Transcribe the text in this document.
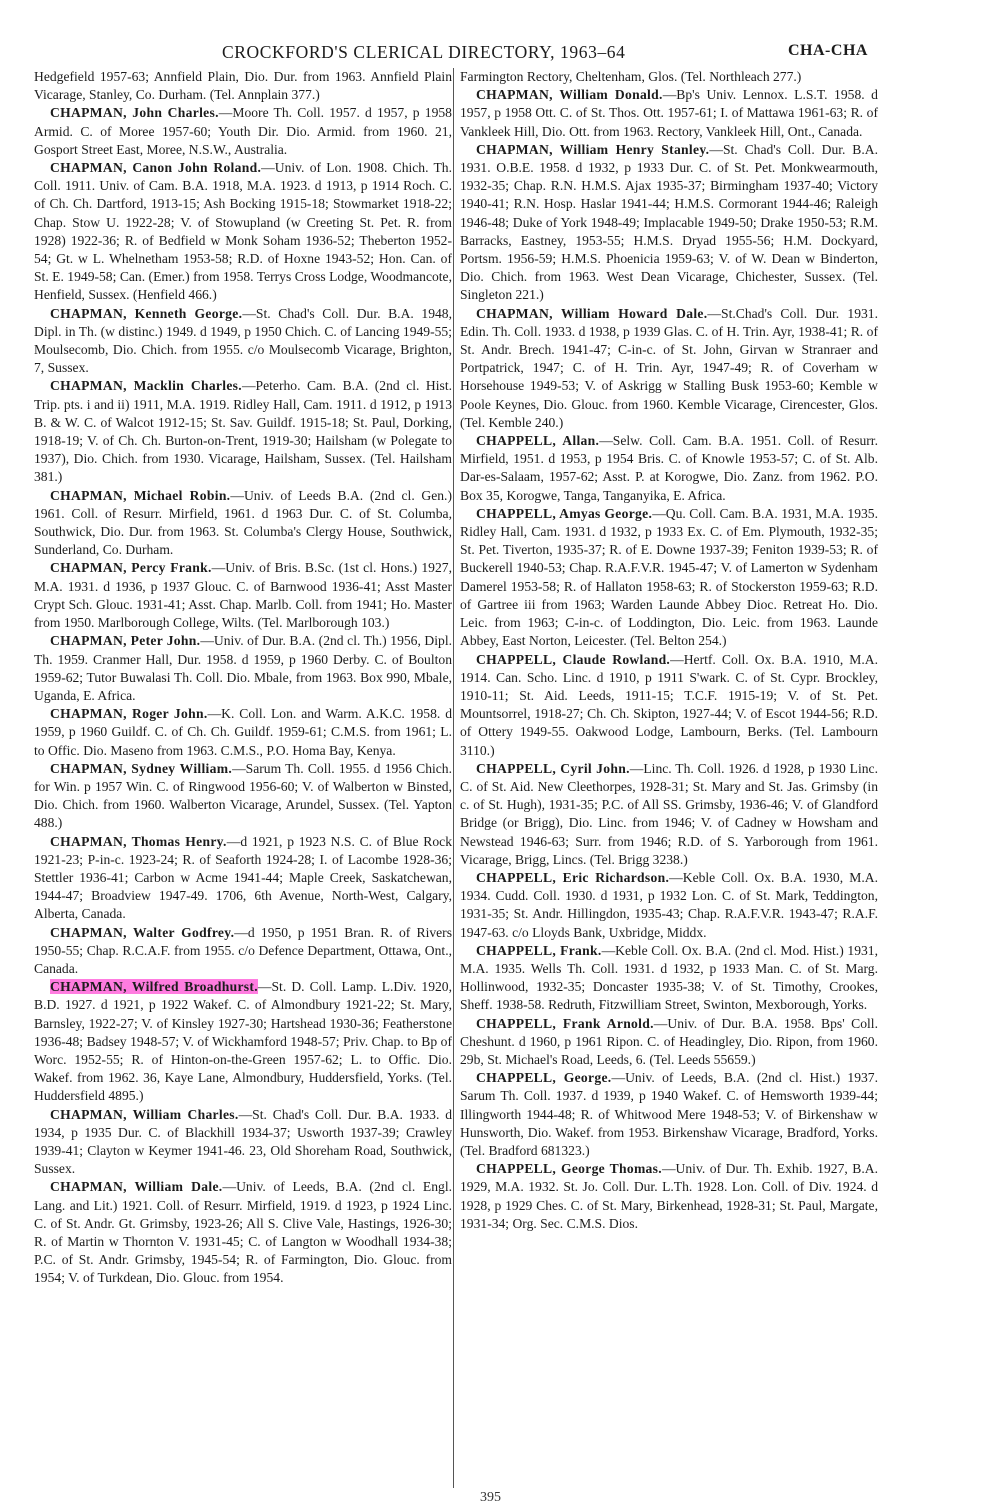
CROCKFORD'S CLERICAL DIRECTORY, 1963–64	CHA-CHA

Hedgefield 1957-63; Annfield Plain, Dio. Dur. from 1963. Annfield Plain Vicarage, Stanley, Co. Durham. (Tel. Annplain 377.)

CHAPMAN, John Charles.—Moore Th. Coll. 1957. d 1957, p 1958 Armid. C. of Moree 1957-60; Youth Dir. Dio. Armid. from 1960. 21, Gosport Street East, Moree, N.S.W., Australia.

CHAPMAN, Canon John Roland.—Univ. of Lon. 1908. Chich. Th. Coll. 1911. Univ. of Cam. B.A. 1918, M.A. 1923. d 1913, p 1914 Roch. C. of Ch. Ch. Dartford, 1913-15; Ash Bocking 1915-18; Stowmarket 1918-22; Chap. Stow U. 1922-28; V. of Stowupland (w Creeting St. Pet. R. from 1928) 1922-36; R. of Bedfield w Monk Soham 1936-52; Theberton 1952-54; Gt. w L. Whelnetham 1953-58; R.D. of Hoxne 1943-52; Hon. Can. of St. E. 1949-58; Can. (Emer.) from 1958. Terrys Cross Lodge, Woodmancote, Henfield, Sussex. (Henfield 466.)

CHAPMAN, Kenneth George.—St. Chad's Coll. Dur. B.A. 1948, Dipl. in Th. (w distinc.) 1949. d 1949, p 1950 Chich. C. of Lancing 1949-55; Moulsecomb, Dio. Chich. from 1955. c/o Moulsecomb Vicarage, Brighton, 7, Sussex.

CHAPMAN, Macklin Charles.—Peterho. Cam. B.A. (2nd cl. Hist. Trip. pts. i and ii) 1911, M.A. 1919. Ridley Hall, Cam. 1911. d 1912, p 1913 B. & W. C. of Walcot 1912-15; St. Sav. Guildf. 1915-18; St. Paul, Dorking, 1918-19; V. of Ch. Ch. Burton-on-Trent, 1919-30; Hailsham (w Polegate to 1937), Dio. Chich. from 1930. Vicarage, Hailsham, Sussex. (Tel. Hailsham 381.)

CHAPMAN, Michael Robin.—Univ. of Leeds B.A. (2nd cl. Gen.) 1961. Coll. of Resurr. Mirfield, 1961. d 1963 Dur. C. of St. Columba, Southwick, Dio. Dur. from 1963. St. Columba's Clergy House, Southwick, Sunderland, Co. Durham.

CHAPMAN, Percy Frank.—Univ. of Bris. B.Sc. (1st cl. Hons.) 1927, M.A. 1931. d 1936, p 1937 Glouc. C. of Barnwood 1936-41; Asst Master Crypt Sch. Glouc. 1931-41; Asst. Chap. Marlb. Coll. from 1941; Ho. Master from 1950. Marlborough College, Wilts. (Tel. Marlborough 103.)

CHAPMAN, Peter John.—Univ. of Dur. B.A. (2nd cl. Th.) 1956, Dipl. Th. 1959. Cranmer Hall, Dur. 1958. d 1959, p 1960 Derby. C. of Boulton 1959-62; Tutor Buwalasi Th. Coll. Dio. Mbale, from 1963. Box 990, Mbale, Uganda, E. Africa.

CHAPMAN, Roger John.—K. Coll. Lon. and Warm. A.K.C. 1958. d 1959, p 1960 Guildf. C. of Ch. Ch. Guildf. 1959-61; C.M.S. from 1961; L. to Offic. Dio. Maseno from 1963. C.M.S., P.O. Homa Bay, Kenya.

CHAPMAN, Sydney William.—Sarum Th. Coll. 1955. d 1956 Chich. for Win. p 1957 Win. C. of Ringwood 1956-60; V. of Walberton w Binsted, Dio. Chich. from 1960. Walberton Vicarage, Arundel, Sussex. (Tel. Yapton 488.)

CHAPMAN, Thomas Henry.—d 1921, p 1923 N.S. C. of Blue Rock 1921-23; P-in-c. 1923-24; R. of Seaforth 1924-28; I. of Lacombe 1928-36; Stettler 1936-41; Carbon w Acme 1941-44; Maple Creek, Saskatchewan, 1944-47; Broadview 1947-49. 1706, 6th Avenue, North-West, Calgary, Alberta, Canada.

CHAPMAN, Walter Godfrey.—d 1950, p 1951 Bran. R. of Rivers 1950-55; Chap. R.C.A.F. from 1955. c/o Defence Department, Ottawa, Ont., Canada.

CHAPMAN, Wilfred Broadhurst.—St. D. Coll. Lamp. L.Div. 1920, B.D. 1927. d 1921, p 1922 Wakef. C. of Almondbury 1921-22; St. Mary, Barnsley, 1922-27; V. of Kinsley 1927-30; Hartshead 1930-36; Featherstone 1936-48; Badsey 1948-57; V. of Wickhamford 1948-57; Priv. Chap. to Bp of Worc. 1952-55; R. of Hinton-on-the-Green 1957-62; L. to Offic. Dio. Wakef. from 1962. 36, Kaye Lane, Almondbury, Huddersfield, Yorks. (Tel. Huddersfield 4895.)

CHAPMAN, William Charles.—St. Chad's Coll. Dur. B.A. 1933. d 1934, p 1935 Dur. C. of Blackhill 1934-37; Usworth 1937-39; Crawley 1939-41; Clayton w Keymer 1941-46. 23, Old Shoreham Road, Southwick, Sussex.

CHAPMAN, William Dale.—Univ. of Leeds, B.A. (2nd cl. Engl. Lang. and Lit.) 1921. Coll. of Resurr. Mirfield, 1919. d 1923, p 1924 Linc. C. of St. Andr. Gt. Grimsby, 1923-26; All S. Clive Vale, Hastings, 1926-30; R. of Martin w Thornton V. 1931-45; C. of Langton w Woodhall 1934-38; P.C. of St. Andr. Grimsby, 1945-54; R. of Farmington, Dio. Glouc. from 1954; V. of Turkdean, Dio. Glouc. from 1954.

Farmington Rectory, Cheltenham, Glos. (Tel. Northleach 277.)

CHAPMAN, William Donald.—Bp's Univ. Lennox. L.S.T. 1958. d 1957, p 1958 Ott. C. of St. Thos. Ott. 1957-61; I. of Mattawa 1961-63; R. of Vankleek Hill, Dio. Ott. from 1963. Rectory, Vankleek Hill, Ont., Canada.

CHAPMAN, William Henry Stanley.—St. Chad's Coll. Dur. B.A. 1931. O.B.E. 1958. d 1932, p 1933 Dur. C. of St. Pet. Monkwearmouth, 1932-35; Chap. R.N. H.M.S. Ajax 1935-37; Birmingham 1937-40; Victory 1940-41; R.N. Hosp. Haslar 1941-44; H.M.S. Cormorant 1944-46; Raleigh 1946-48; Duke of York 1948-49; Implacable 1949-50; Drake 1950-53; R.M. Barracks, Eastney, 1953-55; H.M.S. Dryad 1955-56; H.M. Dockyard, Portsm. 1956-59; H.M.S. Phoenicia 1959-63; V. of W. Dean w Binderton, Dio. Chich. from 1963. West Dean Vicarage, Chichester, Sussex. (Tel. Singleton 221.)

CHAPMAN, William Howard Dale.—St.Chad's Coll. Dur. 1931. Edin. Th. Coll. 1933. d 1938, p 1939 Glas. C. of H. Trin. Ayr, 1938-41; R. of St. Andr. Brech. 1941-47; C-in-c. of St. John, Girvan w Stranraer and Portpatrick, 1947; C. of H. Trin. Ayr, 1947-49; R. of Coverham w Horsehouse 1949-53; V. of Askrigg w Stalling Busk 1953-60; Kemble w Poole Keynes, Dio. Glouc. from 1960. Kemble Vicarage, Cirencester, Glos. (Tel. Kemble 240.)

CHAPPELL, Allan.—Selw. Coll. Cam. B.A. 1951. Coll. of Resurr. Mirfield, 1951. d 1953, p 1954 Bris. C. of Knowle 1953-57; C. of St. Alb. Dar-es-Salaam, 1957-62; Asst. P. at Korogwe, Dio. Zanz. from 1962. P.O. Box 35, Korogwe, Tanga, Tanganyika, E. Africa.

CHAPPELL, Amyas George.—Qu. Coll. Cam. B.A. 1931, M.A. 1935. Ridley Hall, Cam. 1931. d 1932, p 1933 Ex. C. of Em. Plymouth, 1932-35; St. Pet. Tiverton, 1935-37; R. of E. Downe 1937-39; Feniton 1939-53; R. of Buckerell 1940-53; Chap. R.A.F.V.R. 1945-47; V. of Lamerton w Sydenham Damerel 1953-58; R. of Hallaton 1958-63; R. of Stockerston 1959-63; R.D. of Gartree iii from 1963; Warden Launde Abbey Dioc. Retreat Ho. Dio. Leic. from 1963; C-in-c. of Loddington, Dio. Leic. from 1963. Launde Abbey, East Norton, Leicester. (Tel. Belton 254.)

CHAPPELL, Claude Rowland.—Hertf. Coll. Ox. B.A. 1910, M.A. 1914. Can. Scho. Linc. d 1910, p 1911 S'wark. C. of St. Cypr. Brockley, 1910-11; St. Aid. Leeds, 1911-15; T.C.F. 1915-19; V. of St. Pet. Mountsorrel, 1918-27; Ch. Ch. Skipton, 1927-44; V. of Escot 1944-56; R.D. of Ottery 1949-55. Oakwood Lodge, Lambourn, Berks. (Tel. Lambourn 3110.)

CHAPPELL, Cyril John.—Linc. Th. Coll. 1926. d 1928, p 1930 Linc. C. of St. Aid. New Cleethorpes, 1928-31; St. Mary and St. Jas. Grimsby (in c. of St. Hugh), 1931-35; P.C. of All SS. Grimsby, 1936-46; V. of Glandford Bridge (or Brigg), Dio. Linc. from 1946; V. of Cadney w Howsham and Newstead 1946-63; Surr. from 1946; R.D. of S. Yarborough from 1961. Vicarage, Brigg, Lincs. (Tel. Brigg 3238.)

CHAPPELL, Eric Richardson.—Keble Coll. Ox. B.A. 1930, M.A. 1934. Cudd. Coll. 1930. d 1931, p 1932 Lon. C. of St. Mark, Teddington, 1931-35; St. Andr. Hillingdon, 1935-43; Chap. R.A.F.V.R. 1943-47; R.A.F. 1947-63. c/o Lloyds Bank, Uxbridge, Middx.

CHAPPELL, Frank.—Keble Coll. Ox. B.A. (2nd cl. Mod. Hist.) 1931, M.A. 1935. Wells Th. Coll. 1931. d 1932, p 1933 Man. C. of St. Marg. Hollinwood, 1932-35; Doncaster 1935-38; V. of St. Timothy, Crookes, Sheff. 1938-58. Redruth, Fitzwilliam Street, Swinton, Mexborough, Yorks.

CHAPPELL, Frank Arnold.—Univ. of Dur. B.A. 1958. Bps' Coll. Cheshunt. d 1960, p 1961 Ripon. C. of Headingley, Dio. Ripon, from 1960. 29b, St. Michael's Road, Leeds, 6. (Tel. Leeds 55659.)

CHAPPELL, George.—Univ. of Leeds, B.A. (2nd cl. Hist.) 1937. Sarum Th. Coll. 1937. d 1939, p 1940 Wakef. C. of Hemsworth 1939-44; Illingworth 1944-48; R. of Whitwood Mere 1948-53; V. of Birkenshaw w Hunsworth, Dio. Wakef. from 1953. Birkenshaw Vicarage, Bradford, Yorks. (Tel. Bradford 681323.)

CHAPPELL, George Thomas.—Univ. of Dur. Th. Exhib. 1927, B.A. 1929, M.A. 1932. St. Jo. Coll. Dur. L.Th. 1928. Lon. Coll. of Div. 1924. d 1928, p 1929 Ches. C. of St. Mary, Birkenhead, 1928-31; St. Paul, Margate, 1931-34; Org. Sec. C.M.S. Dios.

395
